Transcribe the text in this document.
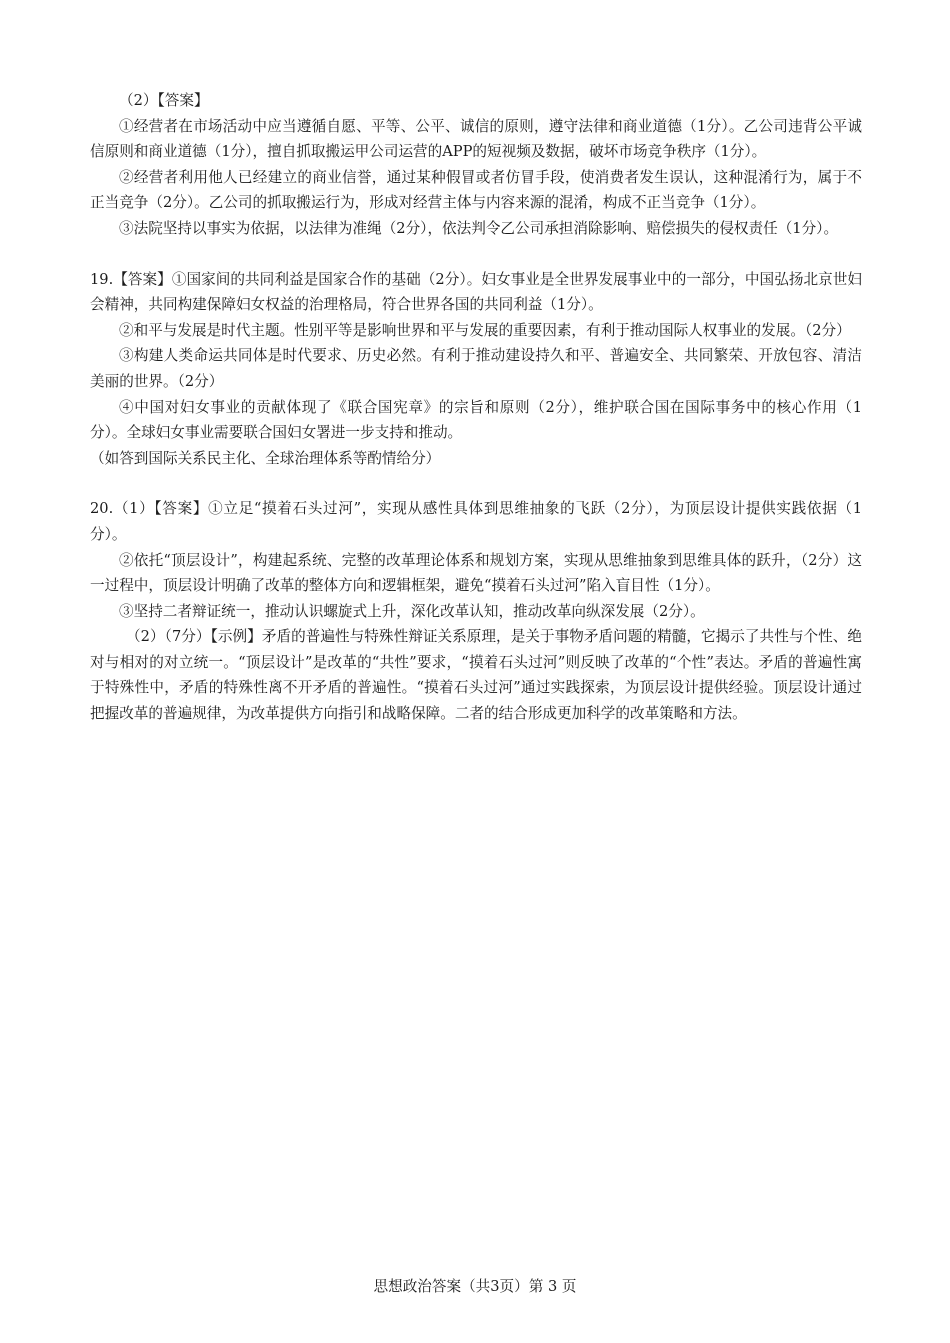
（2）【答案】

①经营者在市场活动中应当遵循自愿、平等、公平、诚信的原则，遵守法律和商业道德（1分）。乙公司违背公平诚信原则和商业道德（1分），擅自抓取搬运甲公司运营的APP的短视频及数据，破坏市场竞争秩序（1分）。

②经营者利用他人已经建立的商业信誉，通过某种假冒或者仿冒手段，使消费者发生误认，这种混淆行为，属于不正当竞争（2分）。乙公司的抓取搬运行为，形成对经营主体与内容来源的混淆，构成不正当竞争（1分）。

③法院坚持以事实为依据，以法律为准绳（2分），依法判令乙公司承担消除影响、赔偿损失的侵权责任（1分）。

19.【答案】①国家间的共同利益是国家合作的基础（2分）。妇女事业是全世界发展事业中的一部分，中国弘扬北京世妇会精神，共同构建保障妇女权益的治理格局，符合世界各国的共同利益（1分）。

②和平与发展是时代主题。性别平等是影响世界和平与发展的重要因素，有利于推动国际人权事业的发展。（2分）

③构建人类命运共同体是时代要求、历史必然。有利于推动建设持久和平、普遍安全、共同繁荣、开放包容、清洁美丽的世界。（2分）

④中国对妇女事业的贡献体现了《联合国宪章》的宗旨和原则（2分），维护联合国在国际事务中的核心作用（1分）。全球妇女事业需要联合国妇女署进一步支持和推动。

（如答到国际关系民主化、全球治理体系等酌情给分）

20.（1）【答案】①立足“摸着石头过河”，实现从感性具体到思维抽象的飞跃（2分），为顶层设计提供实践依据（1分）。

②依托“顶层设计”，构建起系统、完整的改革理论体系和规划方案，实现从思维抽象到思维具体的跃升，（2分）这一过程中，顶层设计明确了改革的整体方向和逻辑框架，避免“摸着石头过河”陷入盲目性（1分）。

③坚持二者辩证统一，推动认识螺旋式上升，深化改革认知，推动改革向纵深发展（2分）。

（2）（7分）【示例】矛盾的普遍性与特殊性辩证关系原理，是关于事物矛盾问题的精髓，它揭示了共性与个性、绝对与相对的对立统一。“顶层设计”是改革的“共性”要求，“摸着石头过河”则反映了改革的“个性”表达。矛盾的普遍性寓于特殊性中，矛盾的特殊性离不开矛盾的普遍性。“摸着石头过河”通过实践探索，为顶层设计提供经验。顶层设计通过把握改革的普遍规律，为改革提供方向指引和战略保障。二者的结合形成更加科学的改革策略和方法。

思想政治答案（共3页）第 3 页
